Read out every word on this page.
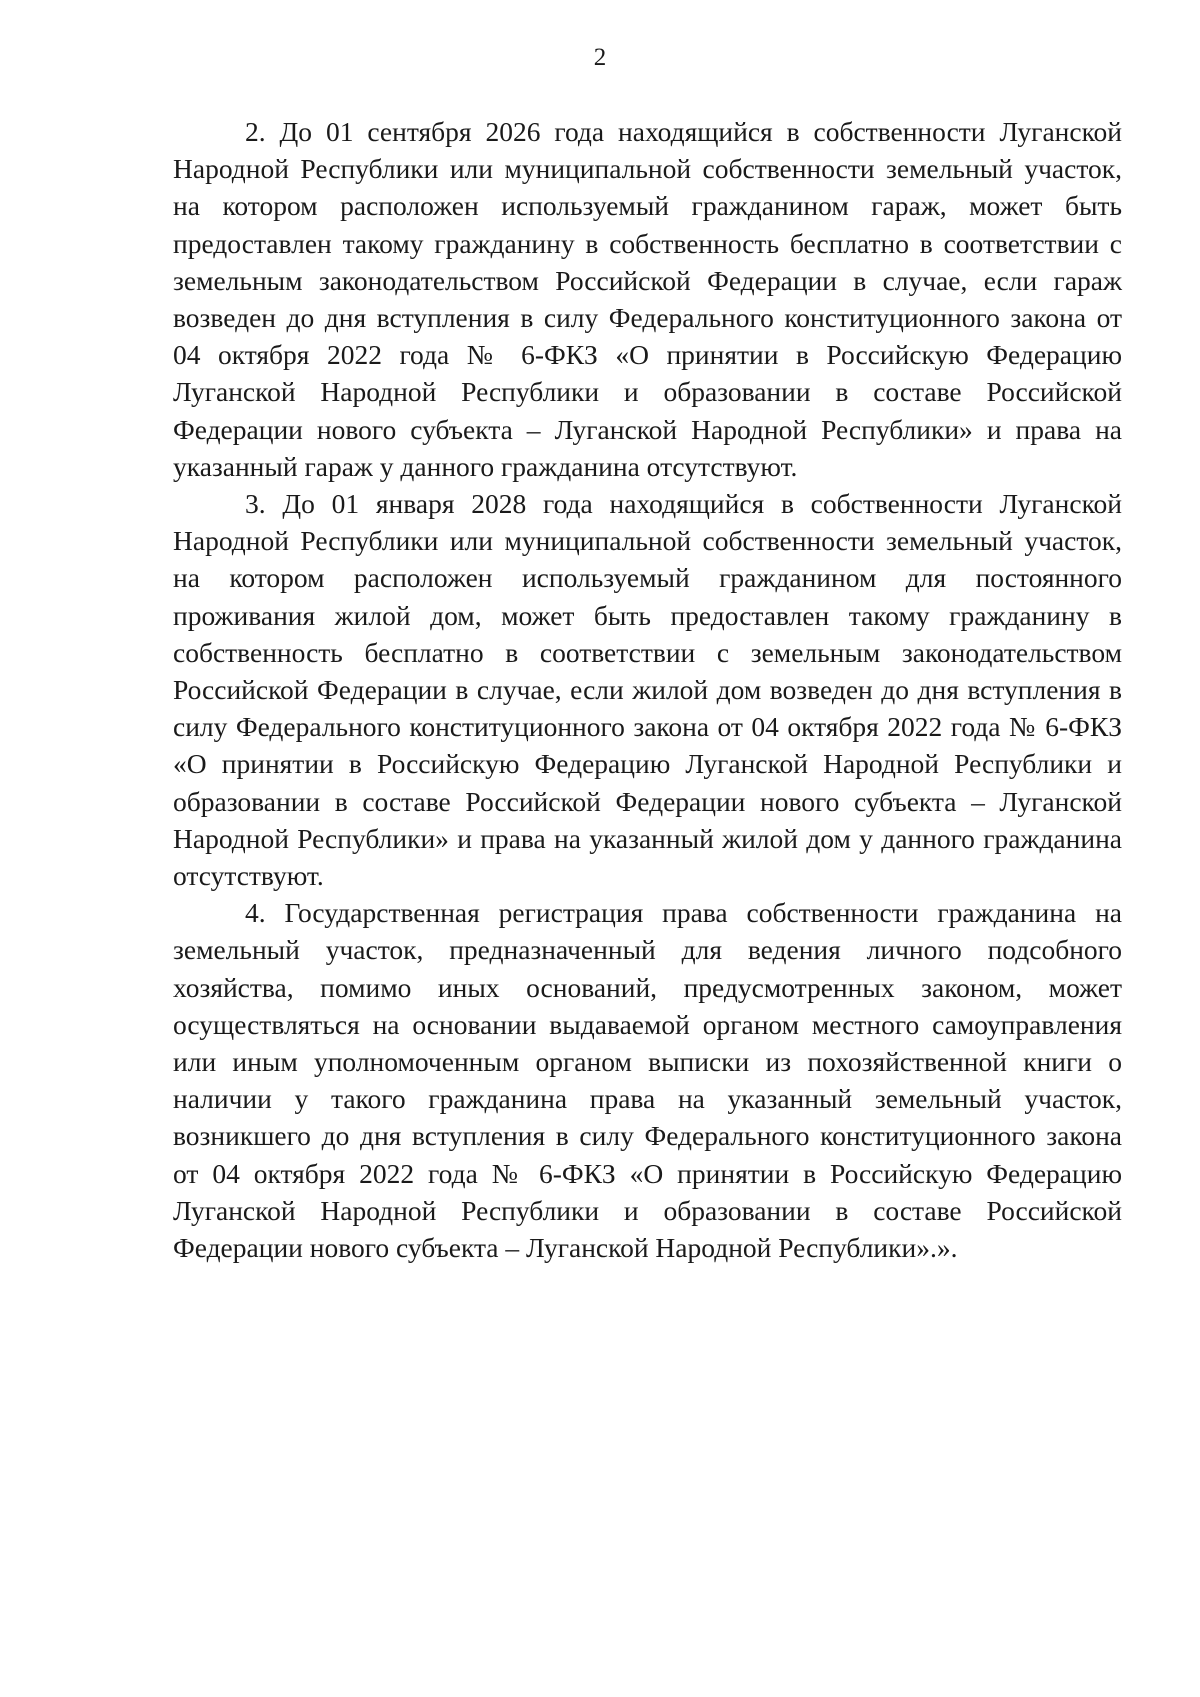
2

2. До 01 сентября 2026 года находящийся в собственности Луганской Народной Республики или муниципальной собственности земельный участок, на котором расположен используемый гражданином гараж, может быть предоставлен такому гражданину в собственность бесплатно в соответствии с земельным законодательством Российской Федерации в случае, если гараж возведен до дня вступления в силу Федерального конституционного закона от 04 октября 2022 года № 6-ФКЗ «О принятии в Российскую Федерацию Луганской Народной Республики и образовании в составе Российской Федерации нового субъекта – Луганской Народной Республики» и права на указанный гараж у данного гражданина отсутствуют.

3. До 01 января 2028 года находящийся в собственности Луганской Народной Республики или муниципальной собственности земельный участок, на котором расположен используемый гражданином для постоянного проживания жилой дом, может быть предоставлен такому гражданину в собственность бесплатно в соответствии с земельным законодательством Российской Федерации в случае, если жилой дом возведен до дня вступления в силу Федерального конституционного закона от 04 октября 2022 года № 6-ФКЗ «О принятии в Российскую Федерацию Луганской Народной Республики и образовании в составе Российской Федерации нового субъекта – Луганской Народной Республики» и права на указанный жилой дом у данного гражданина отсутствуют.

4. Государственная регистрация права собственности гражданина на земельный участок, предназначенный для ведения личного подсобного хозяйства, помимо иных оснований, предусмотренных законом, может осуществляться на основании выдаваемой органом местного самоуправления или иным уполномоченным органом выписки из похозяйственной книги о наличии у такого гражданина права на указанный земельный участок, возникшего до дня вступления в силу Федерального конституционного закона от 04 октября 2022 года № 6-ФКЗ «О принятии в Российскую Федерацию Луганской Народной Республики и образовании в составе Российской Федерации нового субъекта – Луганской Народной Республики».».
